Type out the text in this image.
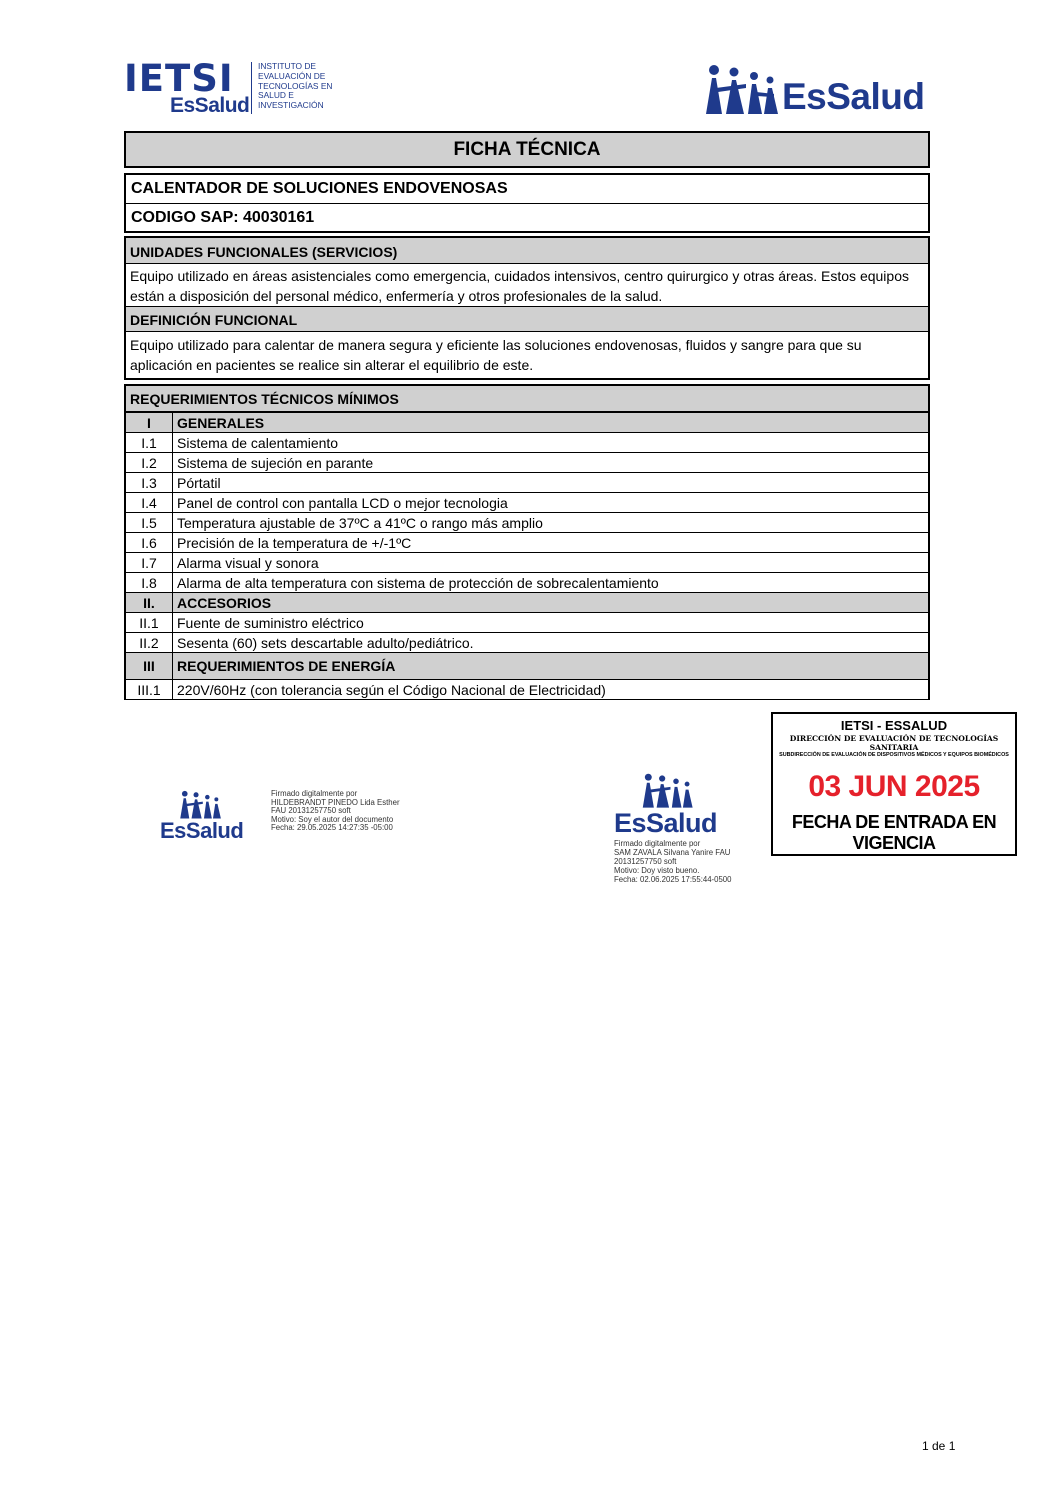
IETSI
EsSalud
INSTITUTO DE
EVALUACIÓN DE
TECNOLOGÍAS EN
SALUD E
INVESTIGACIÓN	EsSalud
FICHA TÉCNICA
CALENTADOR DE SOLUCIONES ENDOVENOSAS
CODIGO SAP: 40030161
UNIDADES FUNCIONALES (SERVICIOS)
Equipo utilizado en áreas asistenciales como emergencia, cuidados intensivos, centro quirurgico y otras áreas. Estos equipos están a disposición del personal médico, enfermería y otros profesionales de la salud.
DEFINICIÓN FUNCIONAL
Equipo utilizado para calentar de manera segura y eficiente las soluciones endovenosas, fluidos y sangre para que su aplicación en pacientes se realice sin alterar el equilibrio de este.
REQUERIMIENTOS TÉCNICOS MÍNIMOS
I	GENERALES
I.1	Sistema de calentamiento
I.2	Sistema de sujeción en parante
I.3	Pórtatil
I.4	Panel de control con pantalla LCD o mejor tecnologia
I.5	Temperatura ajustable de 37ºC a 41ºC o rango más amplio
I.6	Precisión de la temperatura de +/-1ºC
I.7	Alarma visual y sonora
I.8	Alarma de alta temperatura con sistema de protección de sobrecalentamiento
II.	ACCESORIOS
II.1	Fuente de suministro eléctrico
II.2	Sesenta (60) sets descartable adulto/pediátrico.
III	REQUERIMIENTOS DE ENERGÍA
III.1	220V/60Hz (con tolerancia según el Código Nacional de Electricidad)
IETSI - ESSALUD
DIRECCIÓN DE EVALUACIÓN DE TECNOLOGÍAS SANITARIA
SUBDIRECCIÓN DE EVALUACIÓN DE DISPOSITIVOS MÉDICOS Y EQUIPOS BIOMÉDICOS
03 JUN 2025
FECHA DE ENTRADA EN VIGENCIA
EsSalud
Firmado digitalmente por
HILDEBRANDT PINEDO Lida Esther
FAU 20131257750 soft
Motivo: Soy el autor del documento
Fecha: 29.05.2025 14:27:35 -05:00	EsSalud
Firmado digitalmente por
SAM ZAVALA Silvana Yanire FAU
20131257750 soft
Motivo: Doy visto bueno.
Fecha: 02.06.2025 17:55:44-0500
1 de 1
